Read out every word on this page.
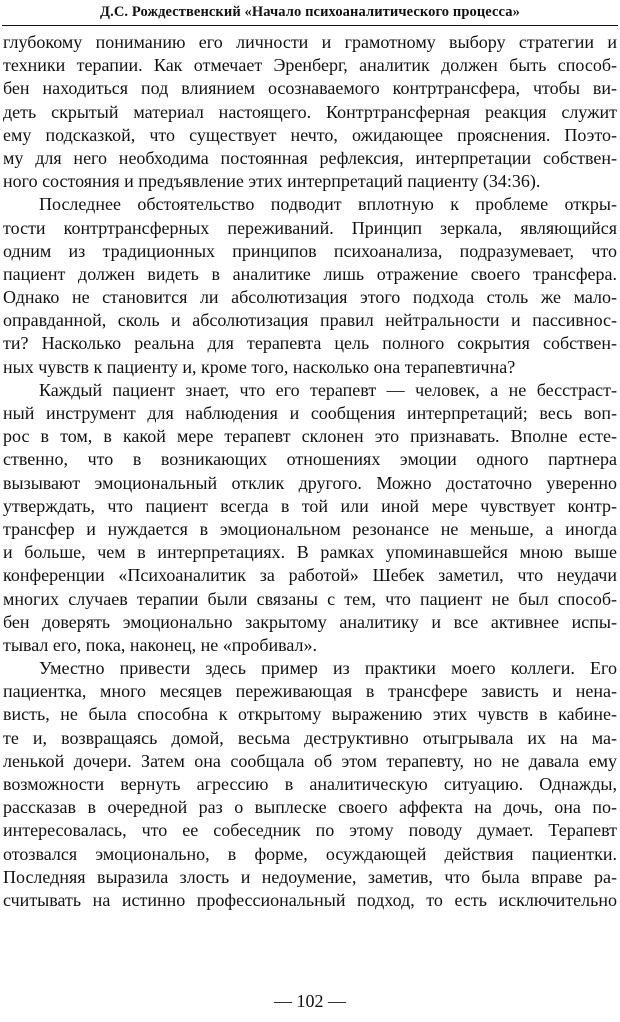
Д.С. Рождественский «Начало психоаналитического процесса»
глубокому пониманию его личности и грамотному выбору стратегии и
техники терапии. Как отмечает Эренберг, аналитик должен быть способ-
бен находиться под влиянием осознаваемого контртрансфера, чтобы ви-
деть скрытый материал настоящего. Контртрансферная реакция служит
ему подсказкой, что существует нечто, ожидающее прояснения. Поэто-
му для него необходима постоянная рефлексия, интерпретации собствен-
ного состояния и предъявление этих интерпретаций пациенту (34:36).
Последнее обстоятельство подводит вплотную к проблеме откры-
тости контртрансферных переживаний. Принцип зеркала, являющийся
одним из традиционных принципов психоанализа, подразумевает, что
пациент должен видеть в аналитике лишь отражение своего трансфера.
Однако не становится ли абсолютизация этого подхода столь же мало-
оправданной, сколь и абсолютизация правил нейтральности и пассивнос-
ти? Насколько реальна для терапевта цель полного сокрытия собствен-
ных чувств к пациенту и, кроме того, насколько она терапевтична?
Каждый пациент знает, что его терапевт — человек, а не бесстраст-
ный инструмент для наблюдения и сообщения интерпретаций; весь воп-
рос в том, в какой мере терапевт склонен это признавать. Вполне есте-
ственно, что в возникающих отношениях эмоции одного партнера
вызывают эмоциональный отклик другого. Можно достаточно уверенно
утверждать, что пациент всегда в той или иной мере чувствует контр-
трансфер и нуждается в эмоциональном резонансе не меньше, а иногда
и больше, чем в интерпретациях. В рамках упоминавшейся мною выше
конференции «Психоаналитик за работой» Шебек заметил, что неудачи
многих случаев терапии были связаны с тем, что пациент не был способ-
бен доверять эмоционально закрытому аналитику и все активнее испы-
тывал его, пока, наконец, не «пробивал».
Уместно привести здесь пример из практики моего коллеги. Его
пациентка, много месяцев переживающая в трансфере зависть и нена-
висть, не была способна к открытому выражению этих чувств в кабине-
те и, возвращаясь домой, весьма деструктивно отыгрывала их на ма-
ленькой дочери. Затем она сообщала об этом терапевту, но не давала ему
возможности вернуть агрессию в аналитическую ситуацию. Однажды,
рассказав в очередной раз о выплеске своего аффекта на дочь, она по-
интересовалась, что ее собеседник по этому поводу думает. Терапевт
отозвался эмоционально, в форме, осуждающей действия пациентки.
Последняя выразила злость и недоумение, заметив, что была вправе ра-
считывать на истинно профессиональный подход, то есть исключительно
— 102 —
